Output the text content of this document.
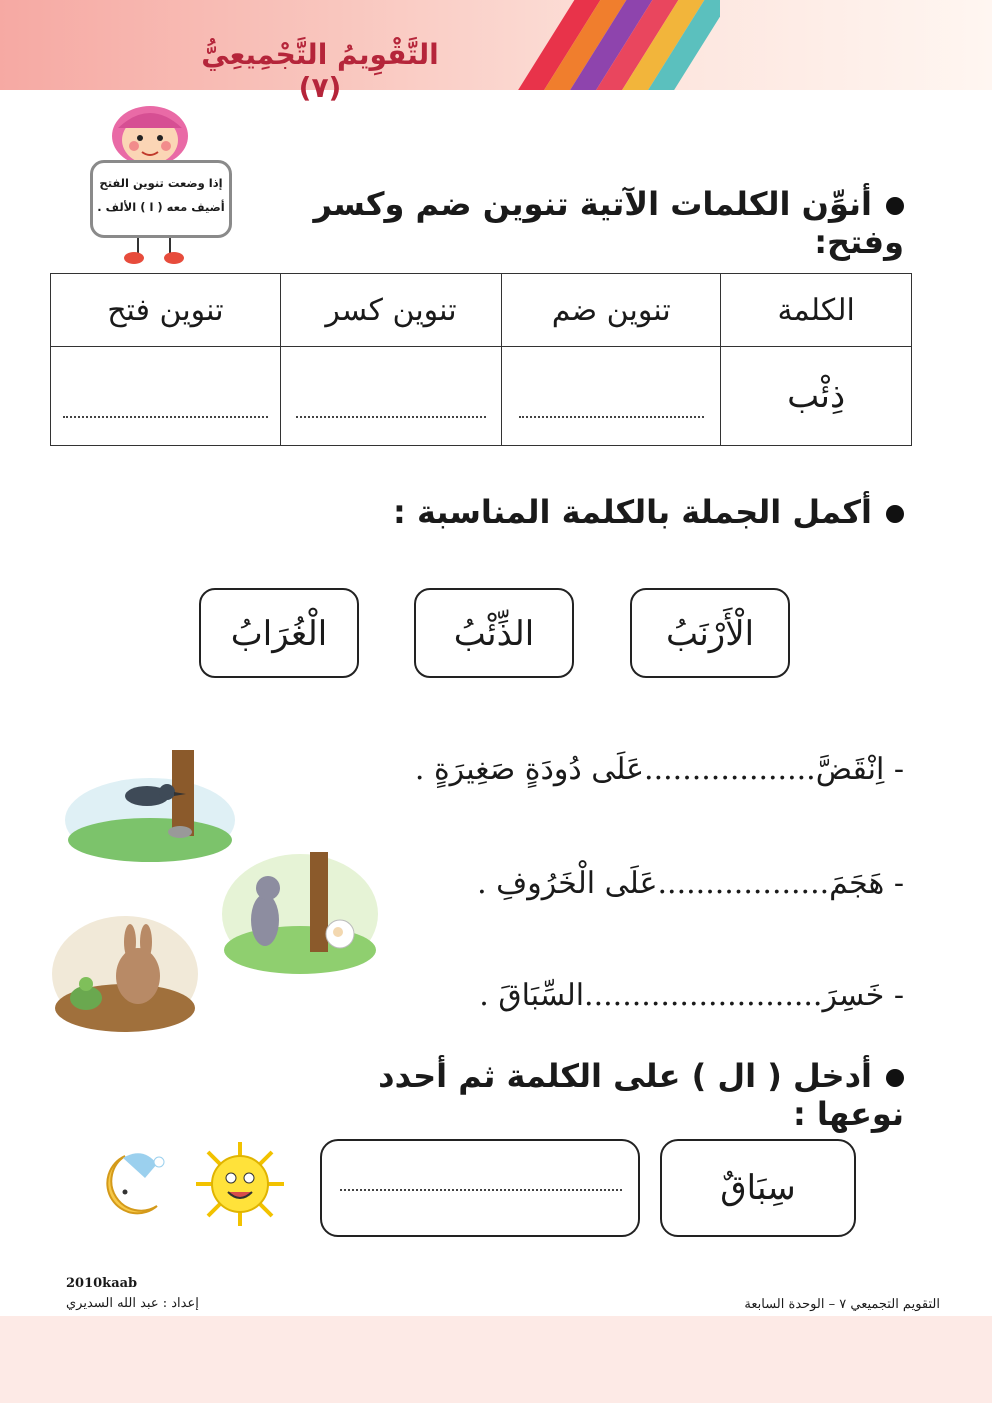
التَّقْوِيمُ التَّجْمِيعِيُّ (٧)
إذا وضعت تنوين الفتح
أضيف معه ( ا ) الألف .	أنوِّن الكلمات الآتية تنوين ضم وكسر وفتح:
الكلمة	تنوين ضم	تنوين كسر	تنوين فتح
ذِئْب			
أكمل الجملة بالكلمة المناسبة :
الْأَرْنَبُ
الذِّئْبُ
الْغُرَابُ
- اِنْقَضَّ..................عَلَى دُودَةٍ صَغِيرَةٍ .
- هَجَمَ..................عَلَى الْخَرُوفِ .
- خَسِرَ.........................السِّبَاقَ .
أدخل ( ال ) على الكلمة ثم أحدد نوعها :
سِبَاقٌ
2010kaab
إعداد : عبد الله السديري	التقويم التجميعي ٧ – الوحدة السابعة
